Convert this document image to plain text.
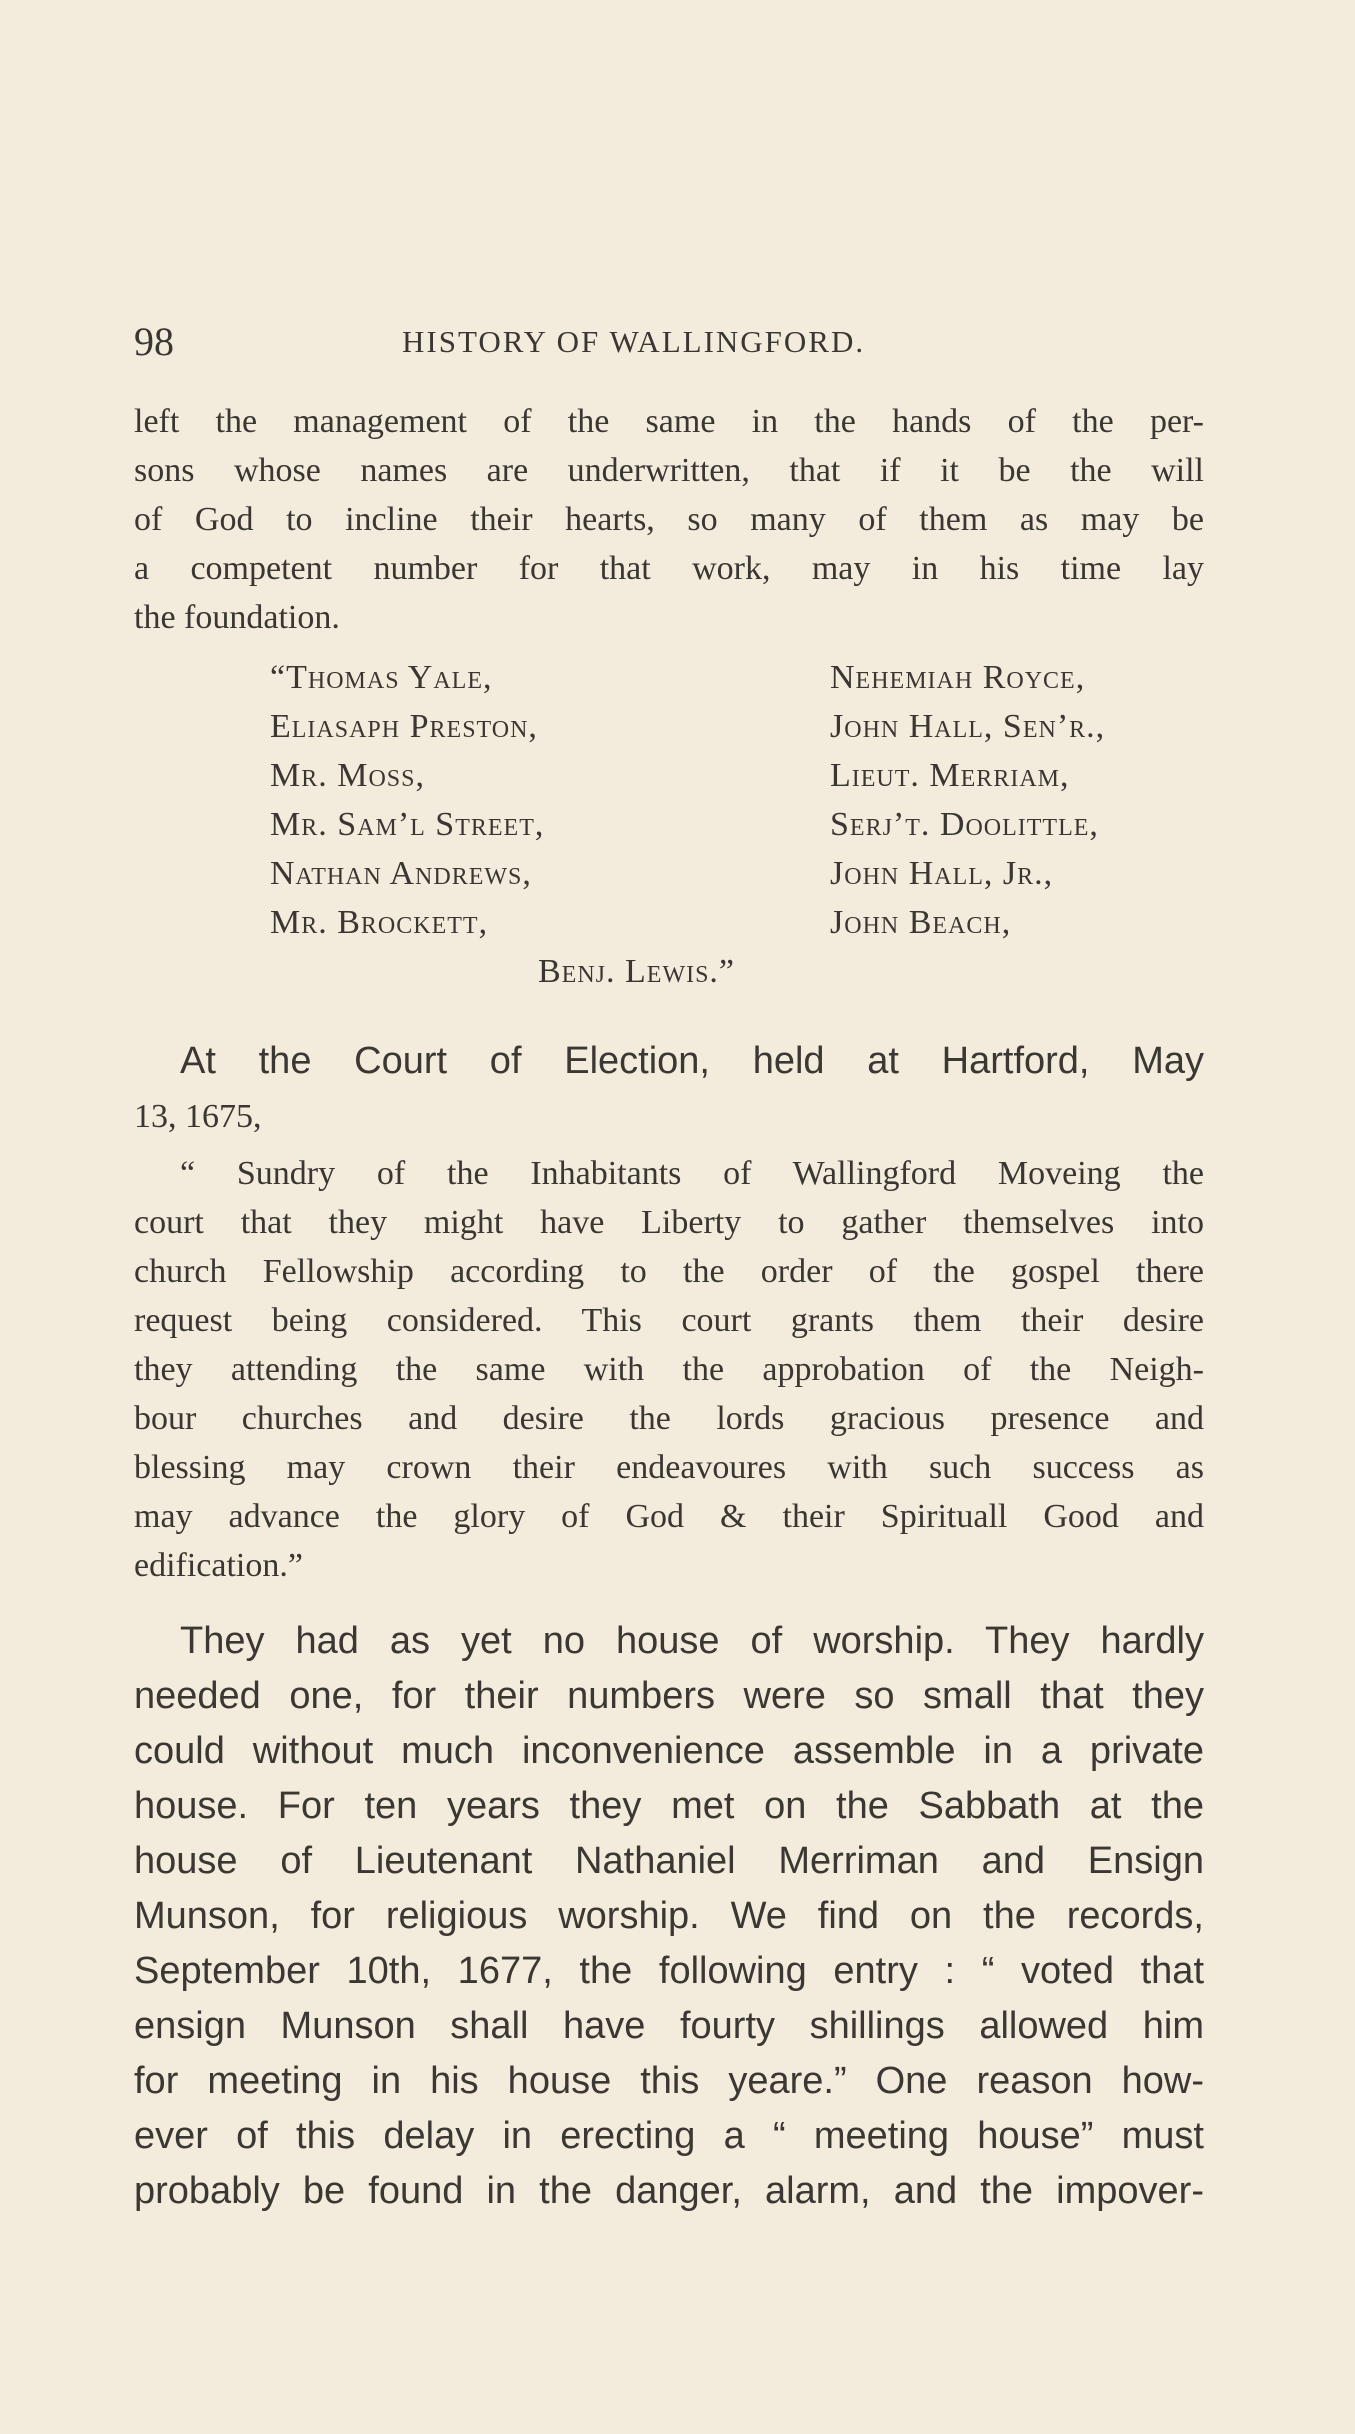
98	HISTORY OF WALLINGFORD.
left the management of the same in the hands of the per-
sons whose names are underwritten, that if it be the will
of God to incline their hearts, so many of them as may be
a competent number for that work, may in his time lay
the foundation.
“Thomas Yale,
Eliasaph Preston,
Mr. Moss,
Mr. Sam’l Street,
Nathan Andrews,
Mr. Brockett,
Nehemiah Royce,
John Hall, Sen’r.,
Lieut. Merriam,
Serj’t. Doolittle,
John Hall, Jr.,
John Beach,
Benj. Lewis.”
At the Court of Election, held at Hartford, May
13, 1675,
“ Sundry of the Inhabitants of Wallingford Moveing the
court that they might have Liberty to gather themselves into
church Fellowship according to the order of the gospel there
request being considered. This court grants them their desire
they attending the same with the approbation of the Neigh-
bour churches and desire the lords gracious presence and
blessing may crown their endeavoures with such success as
may advance the glory of God & their Spirituall Good and
edification.”
They had as yet no house of worship. They hardly
needed one, for their numbers were so small that they
could without much inconvenience assemble in a private
house. For ten years they met on the Sabbath at the
house of Lieutenant Nathaniel Merriman and Ensign
Munson, for religious worship. We find on the records,
September 10th, 1677, the following entry : “ voted that
ensign Munson shall have fourty shillings allowed him
for meeting in his house this yeare.” One reason how-
ever of this delay in erecting a “ meeting house” must
probably be found in the danger, alarm, and the impover-
